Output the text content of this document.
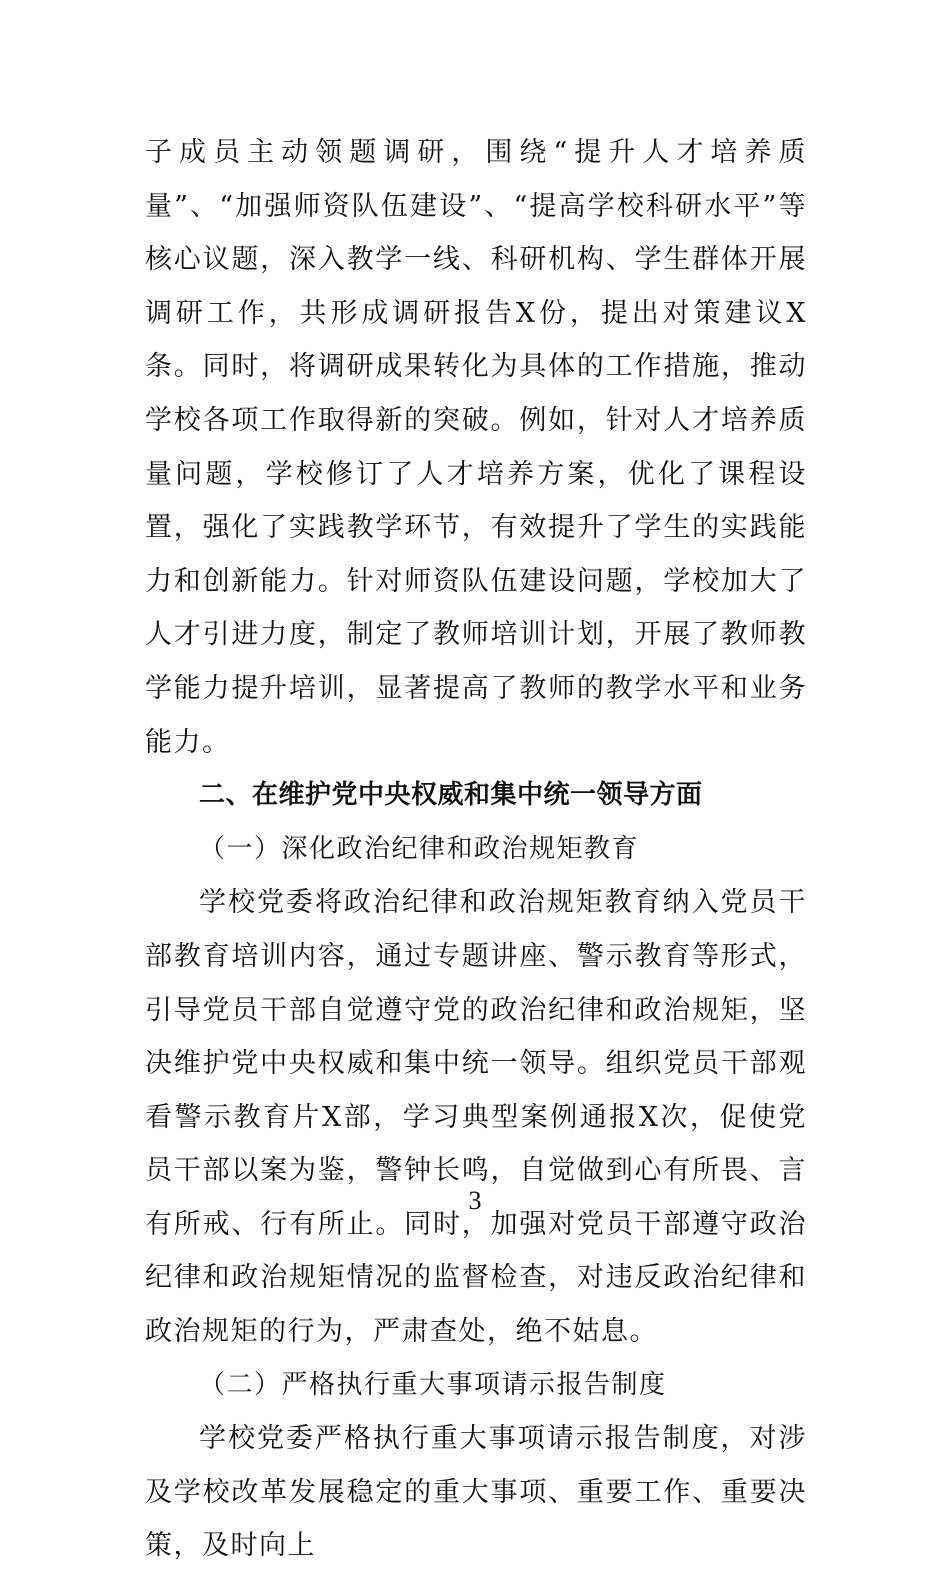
子成员主动领题调研，围绕“提升人才培养质量”、“加强师资队伍建设”、“提高学校科研水平”等核心议题，深入教学一线、科研机构、学生群体开展调研工作，共形成调研报告X份，提出对策建议X条。同时，将调研成果转化为具体的工作措施，推动学校各项工作取得新的突破。例如，针对人才培养质量问题，学校修订了人才培养方案，优化了课程设置，强化了实践教学环节，有效提升了学生的实践能力和创新能力。针对师资队伍建设问题，学校加大了人才引进力度，制定了教师培训计划，开展了教师教学能力提升培训，显著提高了教师的教学水平和业务能力。

二、在维护党中央权威和集中统一领导方面

（一）深化政治纪律和政治规矩教育

学校党委将政治纪律和政治规矩教育纳入党员干部教育培训内容，通过专题讲座、警示教育等形式，引导党员干部自觉遵守党的政治纪律和政治规矩，坚决维护党中央权威和集中统一领导。组织党员干部观看警示教育片X部，学习典型案例通报X次，促使党员干部以案为鉴，警钟长鸣，自觉做到心有所畏、言有所戒、行有所止。同时，加强对党员干部遵守政治纪律和政治规矩情况的监督检查，对违反政治纪律和政治规矩的行为，严肃查处，绝不姑息。

（二）严格执行重大事项请示报告制度

学校党委严格执行重大事项请示报告制度，对涉及学校改革发展稳定的重大事项、重要工作、重要决策，及时向上

3
